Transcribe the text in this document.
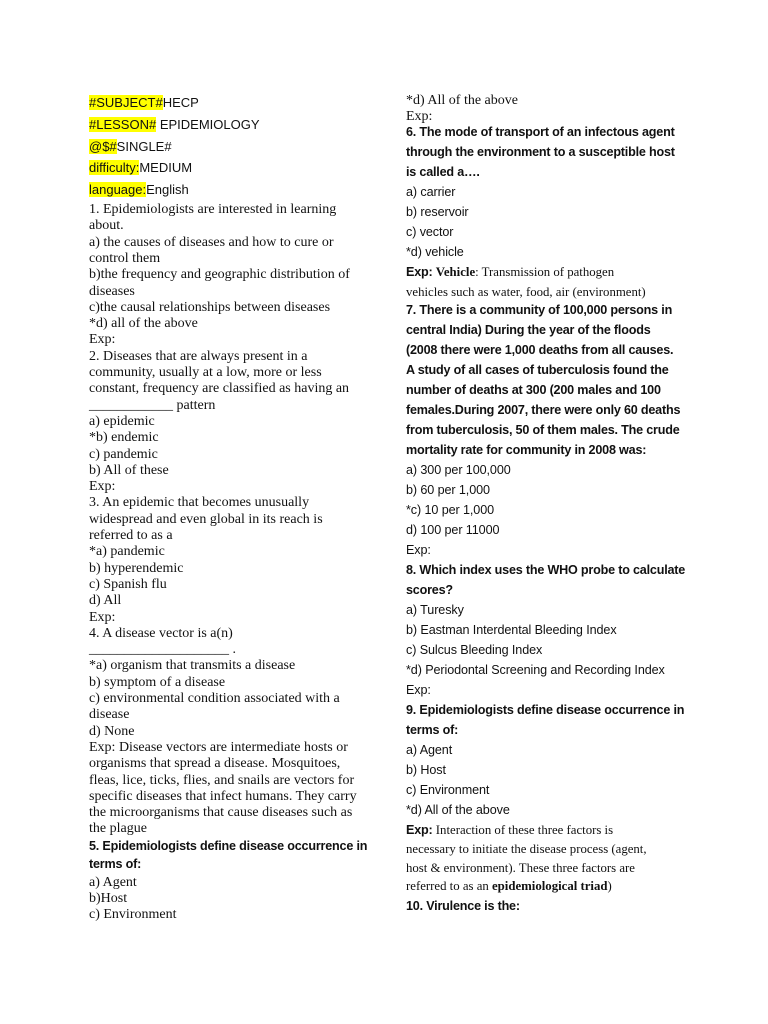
#SUBJECT#HECP
#LESSON# EPIDEMIOLOGY
@$#SINGLE#
difficulty:MEDIUM
language:English
1. Epidemiologists are interested in learning
about.
a) the causes of diseases and how to cure or
control them
b)the frequency and geographic distribution of
diseases
c)the causal relationships between diseases
*d) all of the above
Exp:
2. Diseases that are always present in a
community, usually at a low, more or less
constant, frequency are classified as having an
____________ pattern
a) epidemic
*b) endemic
c) pandemic
b) All of these
Exp:
3. An epidemic that becomes unusually
widespread and even global in its reach is
referred to as a
*a) pandemic
b) hyperendemic
c) Spanish flu
d) All
Exp:
4. A disease vector is a(n)
____________________ .
*a) organism that transmits a disease
b) symptom of a disease
c) environmental condition associated with a
disease
d) None
Exp: Disease vectors are intermediate hosts or
organisms that spread a disease. Mosquitoes,
fleas, lice, ticks, flies, and snails are vectors for
specific diseases that infect humans. They carry
the microorganisms that cause diseases such as
the plague
5. Epidemiologists define disease occurrence in
terms of:
a) Agent
b)Host
c) Environment
*d) All of the above
Exp:
6. The mode of transport of an infectous agent
through the environment to a susceptible host
is called a….
a) carrier
b) reservoir
c) vector
*d) vehicle
Exp: Vehicle: Transmission of pathogen
vehicles such as water, food, air (environment)
7. There is a community of 100,000 persons in
central India) During the year of the floods
(2008 there were 1,000 deaths from all causes.
A study of all cases of tuberculosis found the
number of deaths at 300 (200 males and 100
females.During 2007, there were only 60 deaths
from tuberculosis, 50 of them males. The crude
mortality rate for community in 2008 was:
a) 300 per 100,000
b) 60 per 1,000
*c) 10 per 1,000
d) 100 per 11000
Exp:
8. Which index uses the WHO probe to calculate
scores?
a) Turesky
b) Eastman Interdental Bleeding Index
c) Sulcus Bleeding Index
*d) Periodontal Screening and Recording Index
Exp:
9. Epidemiologists define disease occurrence in
terms of:
a) Agent
b) Host
c) Environment
*d) All of the above
Exp: Interaction of these three factors is
necessary to initiate the disease process (agent,
host & environment). These three factors are
referred to as an epidemiological triad)
10. Virulence is the:
